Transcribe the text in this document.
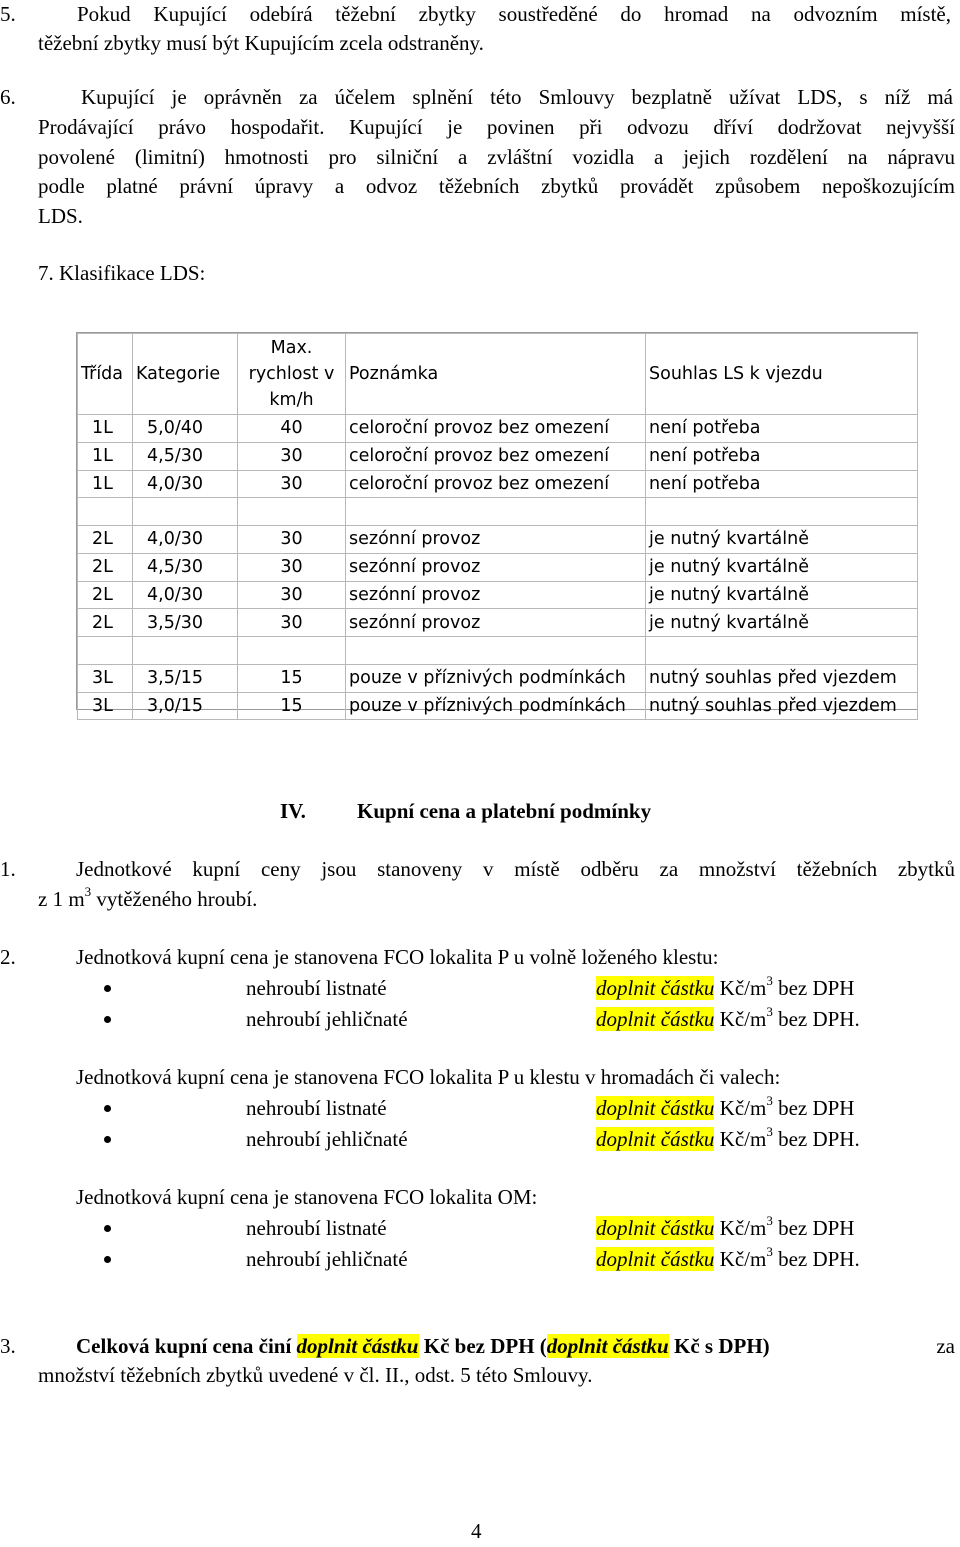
5.	Pokud Kupující odebírá těžební zbytky soustředěné do hromad na odvozním místě,
těžební zbytky musí být Kupujícím zcela odstraněny.
6.	Kupující je oprávněn za účelem splnění této Smlouvy bezplatně užívat LDS, s níž má
Prodávající právo hospodařit. Kupující je povinen při odvozu dříví dodržovat nejvyšší
povolené (limitní) hmotnosti pro silniční a zvláštní vozidla a jejich rozdělení na nápravu
podle platné právní úpravy a odvoz těžebních zbytků provádět způsobem nepoškozujícím
LDS.
7. Klasifikace LDS:
Třída	Kategorie	Max. rychlost v km/h	Poznámka	Souhlas LS k vjezdu
1L	5,0/40	40	celoroční provoz bez omezení	není potřeba
1L	4,5/30	30	celoroční provoz bez omezení	není potřeba
1L	4,0/30	30	celoroční provoz bez omezení	není potřeba

2L	4,0/30	30	sezónní provoz	je nutný kvartálně
2L	4,5/30	30	sezónní provoz	je nutný kvartálně
2L	4,0/30	30	sezónní provoz	je nutný kvartálně
2L	3,5/30	30	sezónní provoz	je nutný kvartálně

3L	3,5/15	15	pouze v příznivých podmínkách	nutný souhlas před vjezdem
3L	3,0/15	15	pouze v příznivých podmínkách	nutný souhlas před vjezdem
IV. Kupní cena a platební podmínky
1.	Jednotkové kupní ceny jsou stanoveny v místě odběru za množství těžebních zbytků
z 1 $m^3$ vytěženého hroubí.
2.	Jednotková kupní cena je stanovena FCO lokalita P u volně loženého klestu:
Jednotková kupní cena je stanovena FCO lokalita P u klestu v hromadách či valech:
Jednotková kupní cena je stanovena FCO lokalita OM:
nehroubí listnaté	doplnit částku $Kč/m^3$ bez DPH
nehroubí jehličnaté	doplnit částku $Kč/m^3$ bez DPH.
nehroubí listnaté	doplnit částku $Kč/m^3$ bez DPH
nehroubí jehličnaté	doplnit částku $Kč/m^3$ bez DPH.
nehroubí listnaté	doplnit částku $Kč/m^3$ bez DPH
nehroubí jehličnaté	doplnit částku $Kč/m^3$ bez DPH.
3.	Celková kupní cena činí doplnit částku Kč bez DPH (doplnit částku Kč s DPH)	za
množství těžebních zbytků uvedené v čl. II., odst. 5 této Smlouvy.
4
